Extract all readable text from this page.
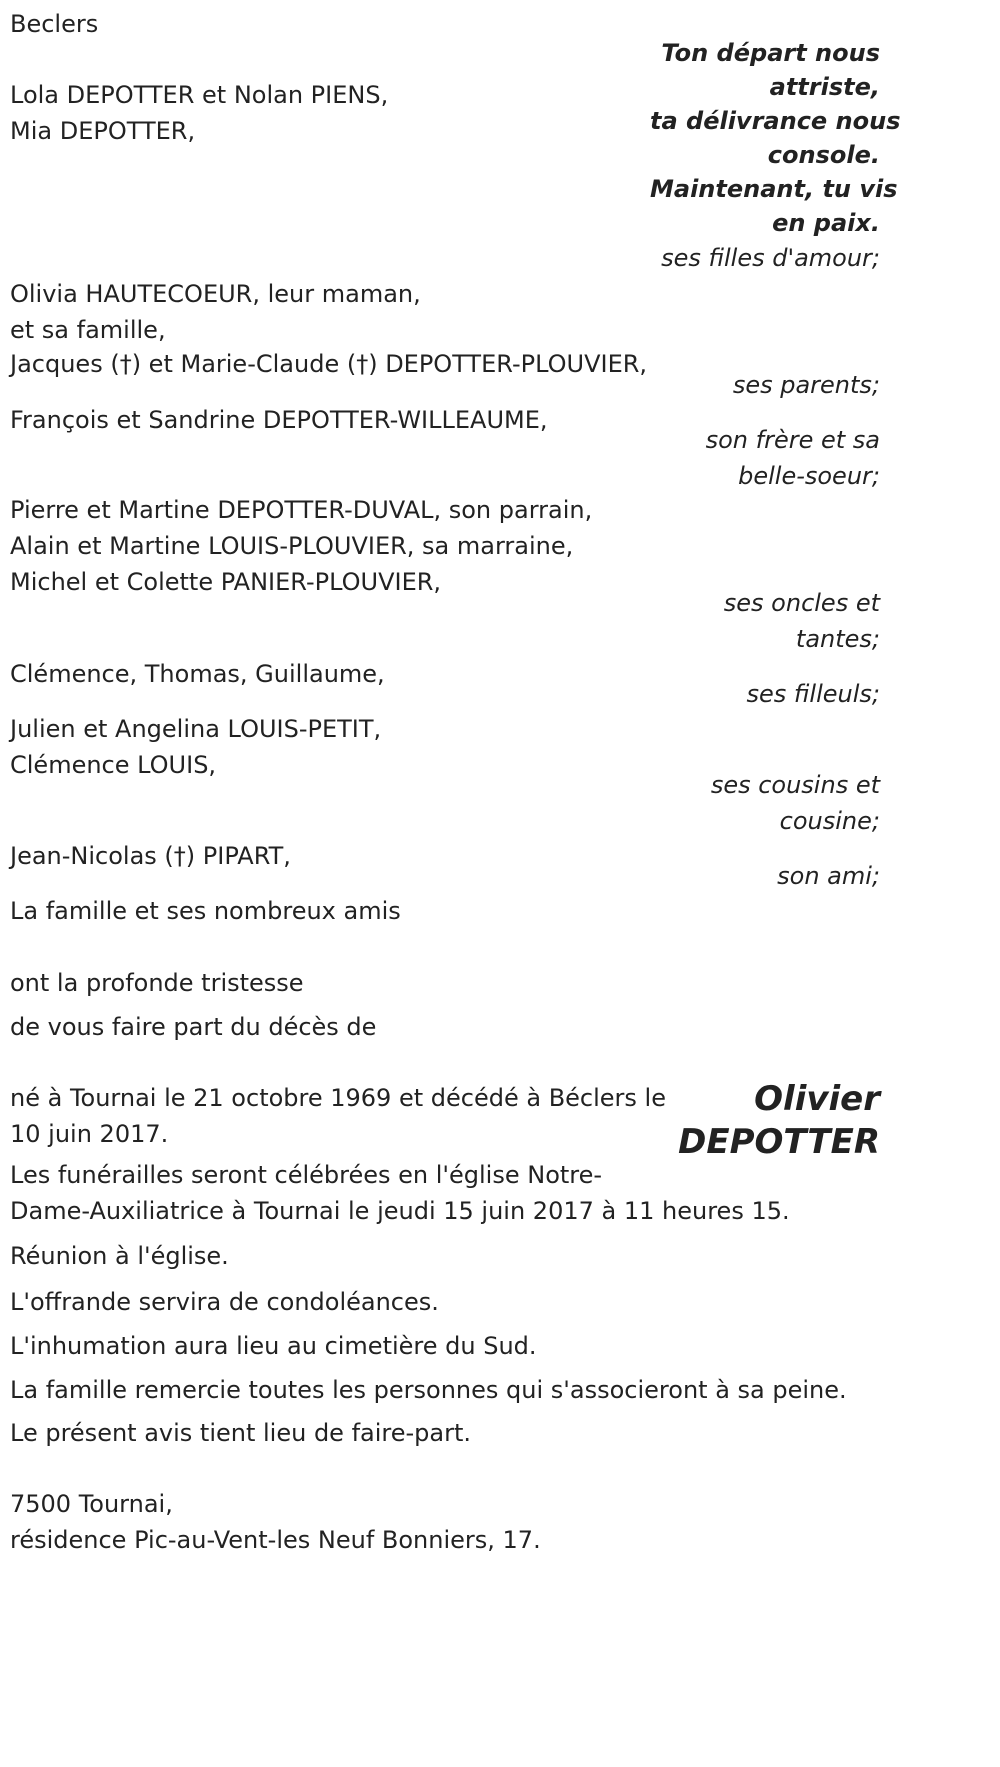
Beclers
Ton départ nous
attriste,
ta délivrance nous
console.
Maintenant, tu vis
en paix.
Lola DEPOTTER et Nolan PIENS,
Mia DEPOTTER,
ses filles d'amour;
Olivia HAUTECOEUR, leur maman,
et sa famille,
Jacques (†) et Marie-Claude (†) DEPOTTER-PLOUVIER,
ses parents;
François et Sandrine DEPOTTER-WILLEAUME,
son frère et sa
belle-soeur;
Pierre et Martine DEPOTTER-DUVAL, son parrain,
Alain et Martine LOUIS-PLOUVIER, sa marraine,
Michel et Colette PANIER-PLOUVIER,
ses oncles et
tantes;
Clémence, Thomas, Guillaume,
ses filleuls;
Julien et Angelina LOUIS-PETIT,
Clémence LOUIS,
ses cousins et
cousine;
Jean-Nicolas (†) PIPART,
son ami;
La famille et ses nombreux amis
ont la profonde tristesse
de vous faire part du décès de
Olivier
DEPOTTER
né à Tournai le 21 octobre 1969 et décédé à Béclers le
10 juin 2017.
Les funérailles seront célébrées en l'église Notre-
Dame-Auxiliatrice à Tournai le jeudi 15 juin 2017 à 11 heures 15.
Réunion à l'église.
L'offrande servira de condoléances.
L'inhumation aura lieu au cimetière du Sud.
La famille remercie toutes les personnes qui s'associeront à sa peine.
Le présent avis tient lieu de faire-part.
7500 Tournai,
résidence Pic-au-Vent-les Neuf Bonniers, 17.
